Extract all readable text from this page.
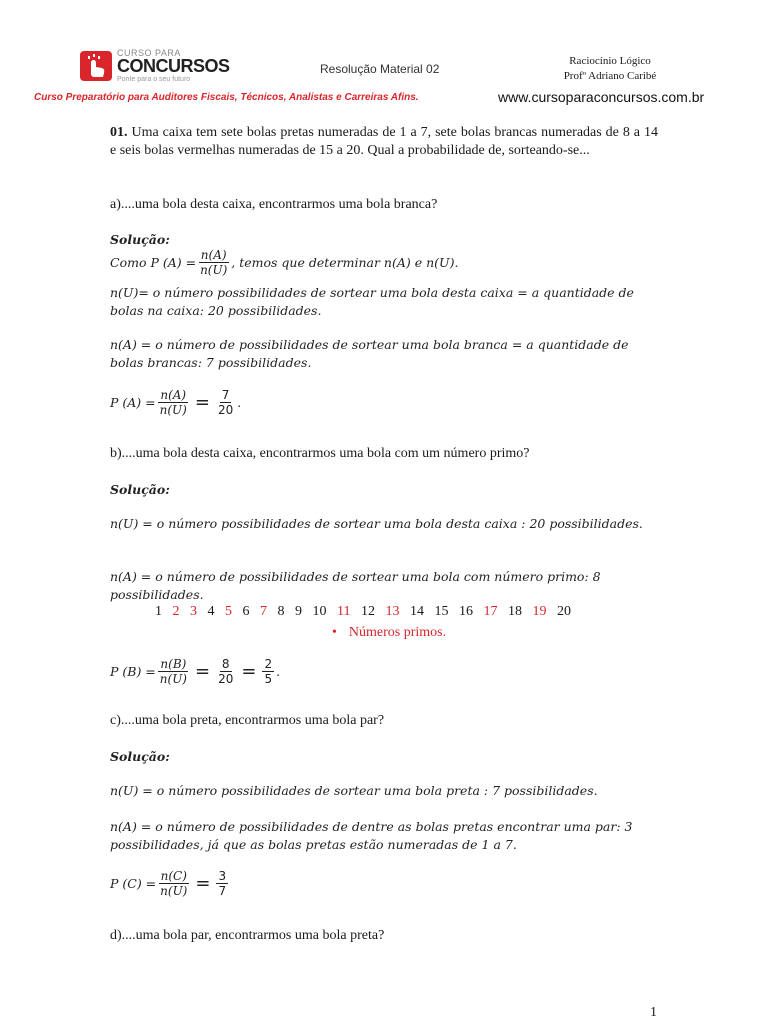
CURSO PARA
CONCURSOS
Ponte para o seu futuro
Resolução Material 02
Raciocínio Lógico
Profº Adriano Caribé
Curso Preparatório para Auditores Fiscais, Técnicos, Analistas e Carreiras Afins.	www.cursoparaconcursos.com.br
01. Uma caixa tem sete bolas pretas numeradas de 1 a 7, sete bolas brancas numeradas de 8 a 14 e seis bolas vermelhas numeradas de 15 a 20. Qual a probabilidade de, sorteando-se...
a)....uma bola desta caixa, encontrarmos uma bola branca?
Solução:
Como P $(A) = \frac{n(A)}{n(U)}$ , temos que determinar n(A) e n(U).
n(U)= o número possibilidades de sortear uma bola desta caixa = a quantidade de bolas na caixa: 20 possibilidades.
n(A) = o número de possibilidades de sortear uma bola branca = a quantidade de bolas brancas: 7 possibilidades.
P $(A) = \frac{n(A)}{n(U)} = \frac{7}{20}$ .
b)....uma bola desta caixa, encontrarmos uma bola com um número primo?
Solução:
n(U) = o número possibilidades de sortear uma bola desta caixa : 20 possibilidades.
n(A) = o número de possibilidades de sortear uma bola com número primo: 8 possibilidades.
1 2 3 4 5 6 7 8 9 10 11 12 13 14 15 16 17 18 19 20
• Números primos.
P $(B) = \frac{n(B)}{n(U)} = \frac{8}{20} = \frac{2}{5}$ .
c)....uma bola preta, encontrarmos uma bola par?
Solução:
n(U) = o número possibilidades de sortear uma bola preta : 7 possibilidades.
n(A) = o número de possibilidades de dentre as bolas pretas encontrar uma par: 3 possibilidades, já que as bolas pretas estão numeradas de 1 a 7.
P $(C) = \frac{n(C)}{n(U)} = \frac{3}{7}$
d)....uma bola par, encontrarmos uma bola preta?
1
